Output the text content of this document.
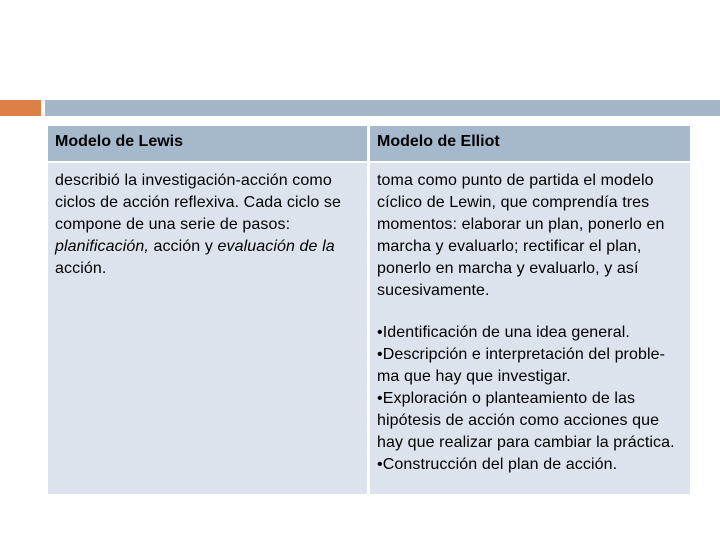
Modelo de Lewis	Modelo de Elliot
describió la investigación-acción como ciclos de acción reflexiva. Cada ciclo se compone de una serie de pasos: planificación, acción y evaluación de la acción.	toma como punto de partida el modelo cíclico de Lewin, que comprendía tres momentos: elaborar un plan, ponerlo en marcha y evaluarlo; rectificar el plan, ponerlo en marcha y evaluarlo, y así sucesivamente.
•Identificación de una idea general.
•Descripción e interpretación del proble-ma que hay que investigar.
•Exploración o planteamiento de las hipótesis de acción como acciones que hay que realizar para cambiar la práctica.
•Construcción del plan de acción.
